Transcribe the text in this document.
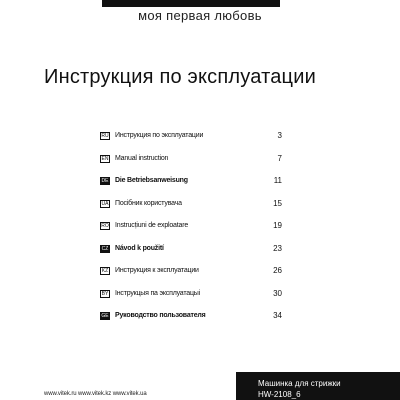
моя первая любовь
Инструкция по эксплуатации
RU Инструкция по эксплуатации	3
EN Manual instruction	7
DE Die Betriebsanweisung	11
UA Посібник користувача	15
RO Instrucțiuni de exploatare	19
CZ Návod k použití	23
KZ Инструкция к эксплуатации	26
BY Інструкцыя па эксплуатацыі	30
GE Руководство пользователя	34
www.vitek.ru www.vitek.kz www.vitek.ua
Машинка для стрижки
HW-2108_6
